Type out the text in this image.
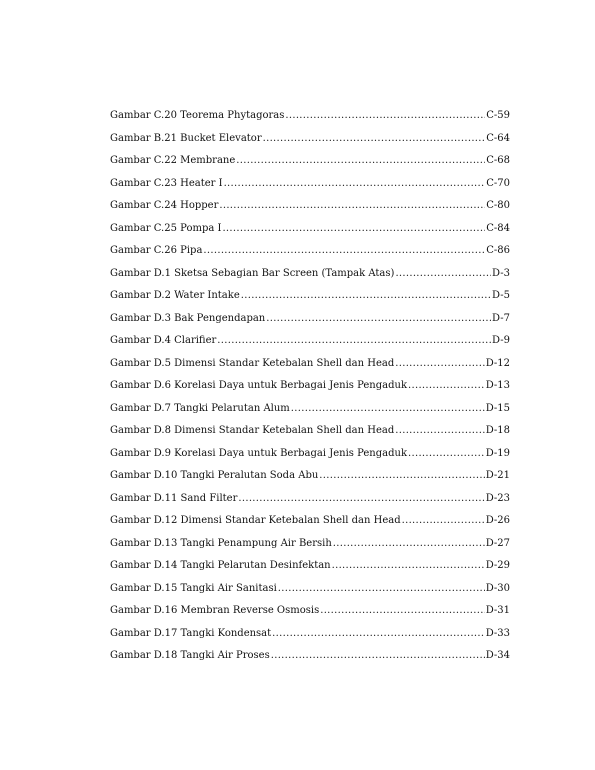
Gambar C.20 Teorema Phytagoras .....	C-59
Gambar B.21 Bucket Elevator .....	C-64
Gambar C.22 Membrane .....	C-68
Gambar C.23 Heater I .....	C-70
Gambar C.24 Hopper .....	C-80
Gambar C.25 Pompa I .....	C-84
Gambar C.26 Pipa .....	C-86
Gambar D.1 Sketsa Sebagian Bar Screen (Tampak Atas) .....	D-3
Gambar D.2 Water Intake .....	D-5
Gambar D.3 Bak Pengendapan .....	D-7
Gambar D.4 Clarifier .....	D-9
Gambar D.5 Dimensi Standar Ketebalan Shell dan Head .....	D-12
Gambar D.6 Korelasi Daya untuk Berbagai Jenis Pengaduk .....	D-13
Gambar D.7 Tangki Pelarutan Alum .....	D-15
Gambar D.8 Dimensi Standar Ketebalan Shell dan Head .....	D-18
Gambar D.9 Korelasi Daya untuk Berbagai Jenis Pengaduk .....	D-19
Gambar D.10 Tangki Peralutan Soda Abu .....	D-21
Gambar D.11 Sand Filter .....	D-23
Gambar D.12 Dimensi Standar Ketebalan Shell dan Head .....	D-26
Gambar D.13 Tangki Penampung Air Bersih .....	D-27
Gambar D.14 Tangki Pelarutan Desinfektan .....	D-29
Gambar D.15 Tangki Air Sanitasi .....	D-30
Gambar D.16 Membran Reverse Osmosis .....	D-31
Gambar D.17 Tangki Kondensat .....	D-33
Gambar D.18 Tangki Air Proses .....	D-34
